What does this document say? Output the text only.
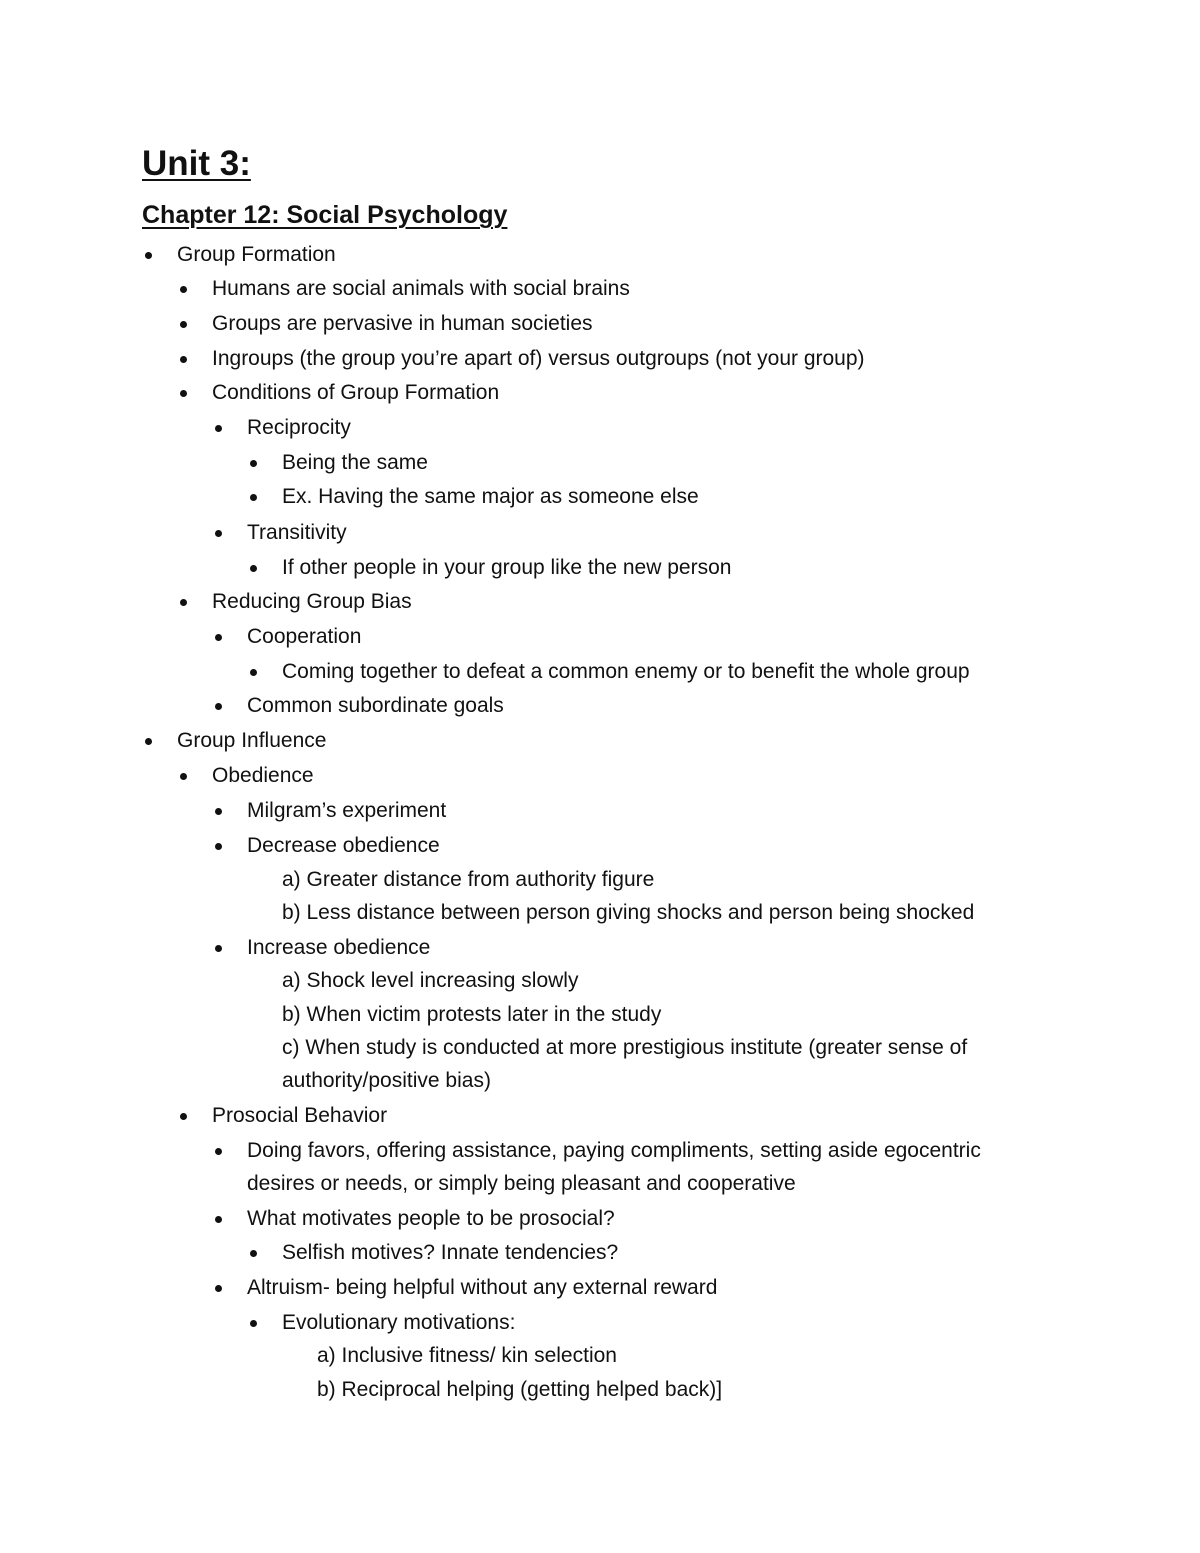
Unit 3:
Chapter 12: Social Psychology
Group Formation
Humans are social animals with social brains
Groups are pervasive in human societies
Ingroups (the group you’re apart of) versus outgroups (not your group)
Conditions of Group Formation
Reciprocity
Being the same
Ex. Having the same major as someone else
Transitivity
If other people in your group like the new person
Reducing Group Bias
Cooperation
Coming together to defeat a common enemy or to benefit the whole group
Common subordinate goals
Group Influence
Obedience
Milgram’s experiment
Decrease obedience
a) Greater distance from authority figure
b) Less distance between person giving shocks and person being shocked
Increase obedience
a) Shock level increasing slowly
b) When victim protests later in the study
c) When study is conducted at more prestigious institute (greater sense of
authority/positive bias)
Prosocial Behavior
Doing favors, offering assistance, paying compliments, setting aside egocentric
desires or needs, or simply being pleasant and cooperative
What motivates people to be prosocial?
Selfish motives? Innate tendencies?
Altruism- being helpful without any external reward
Evolutionary motivations:
a) Inclusive fitness/ kin selection
b) Reciprocal helping (getting helped back)]
